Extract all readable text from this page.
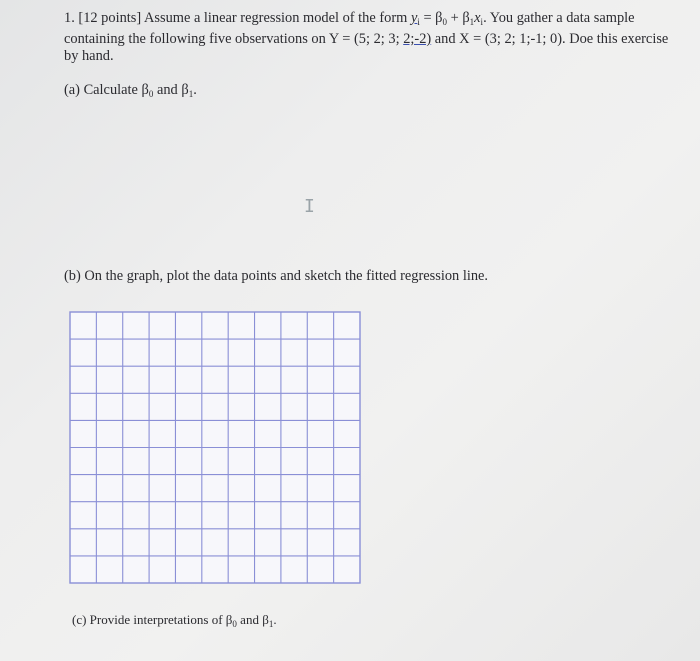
1. [12 points] Assume a linear regression model of the form $y_i = \beta_0 + \beta_1x_i$. You gather a data sample
containing the following five observations on Y = (5; 2; 3; 2;-2) and X = (3; 2; 1;-1; 0). Doe this exercise
by hand.
(a) Calculate $\beta_0$ and $\beta_1$.
I
(b) On the graph, plot the data points and sketch the fitted regression line.
(c) Provide interpretations of $\beta_0$ and $\beta_1$.
